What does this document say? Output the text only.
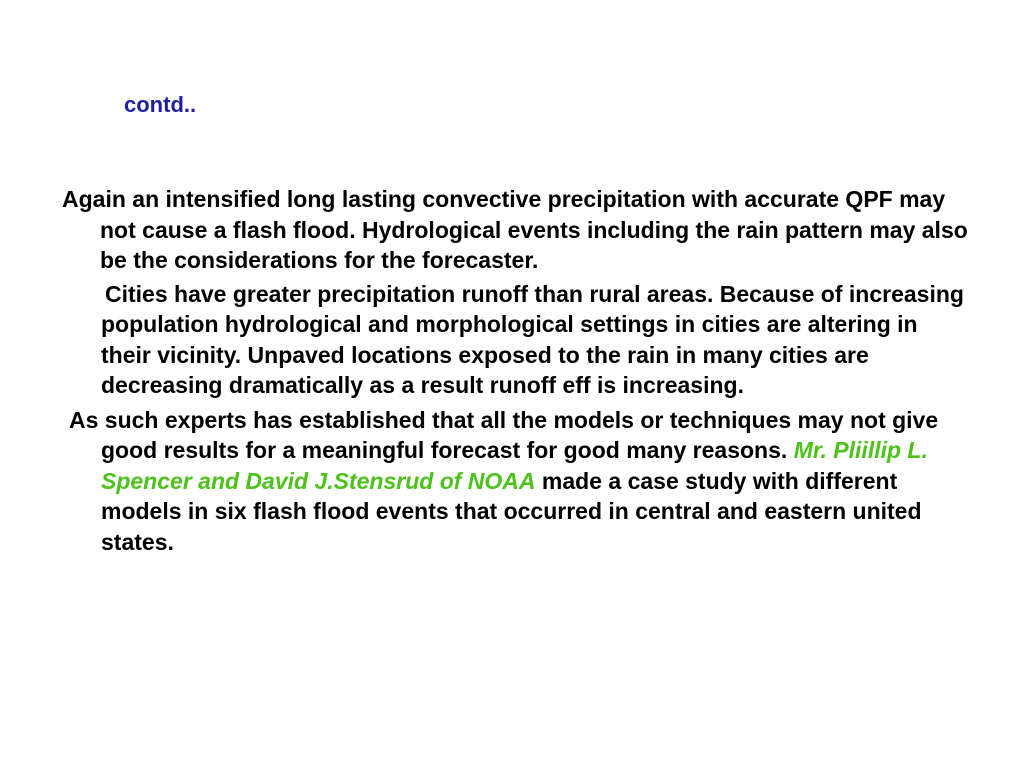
contd..

Again an intensified long lasting convective precipitation with accurate QPF may not cause a flash flood. Hydrological events including the rain pattern may also be the considerations for the forecaster.

Cities have greater precipitation runoff than rural areas. Because of increasing population hydrological and morphological settings in cities are altering in their vicinity. Unpaved locations exposed to the rain in many cities are decreasing dramatically as a result runoff eff is increasing.

As such experts has established that all the models or techniques may not give good results for a meaningful forecast for good many reasons. Mr. Pliillip L. Spencer and David J.Stensrud of NOAA made a case study with different models in six flash flood events that occurred in central and eastern united states.
